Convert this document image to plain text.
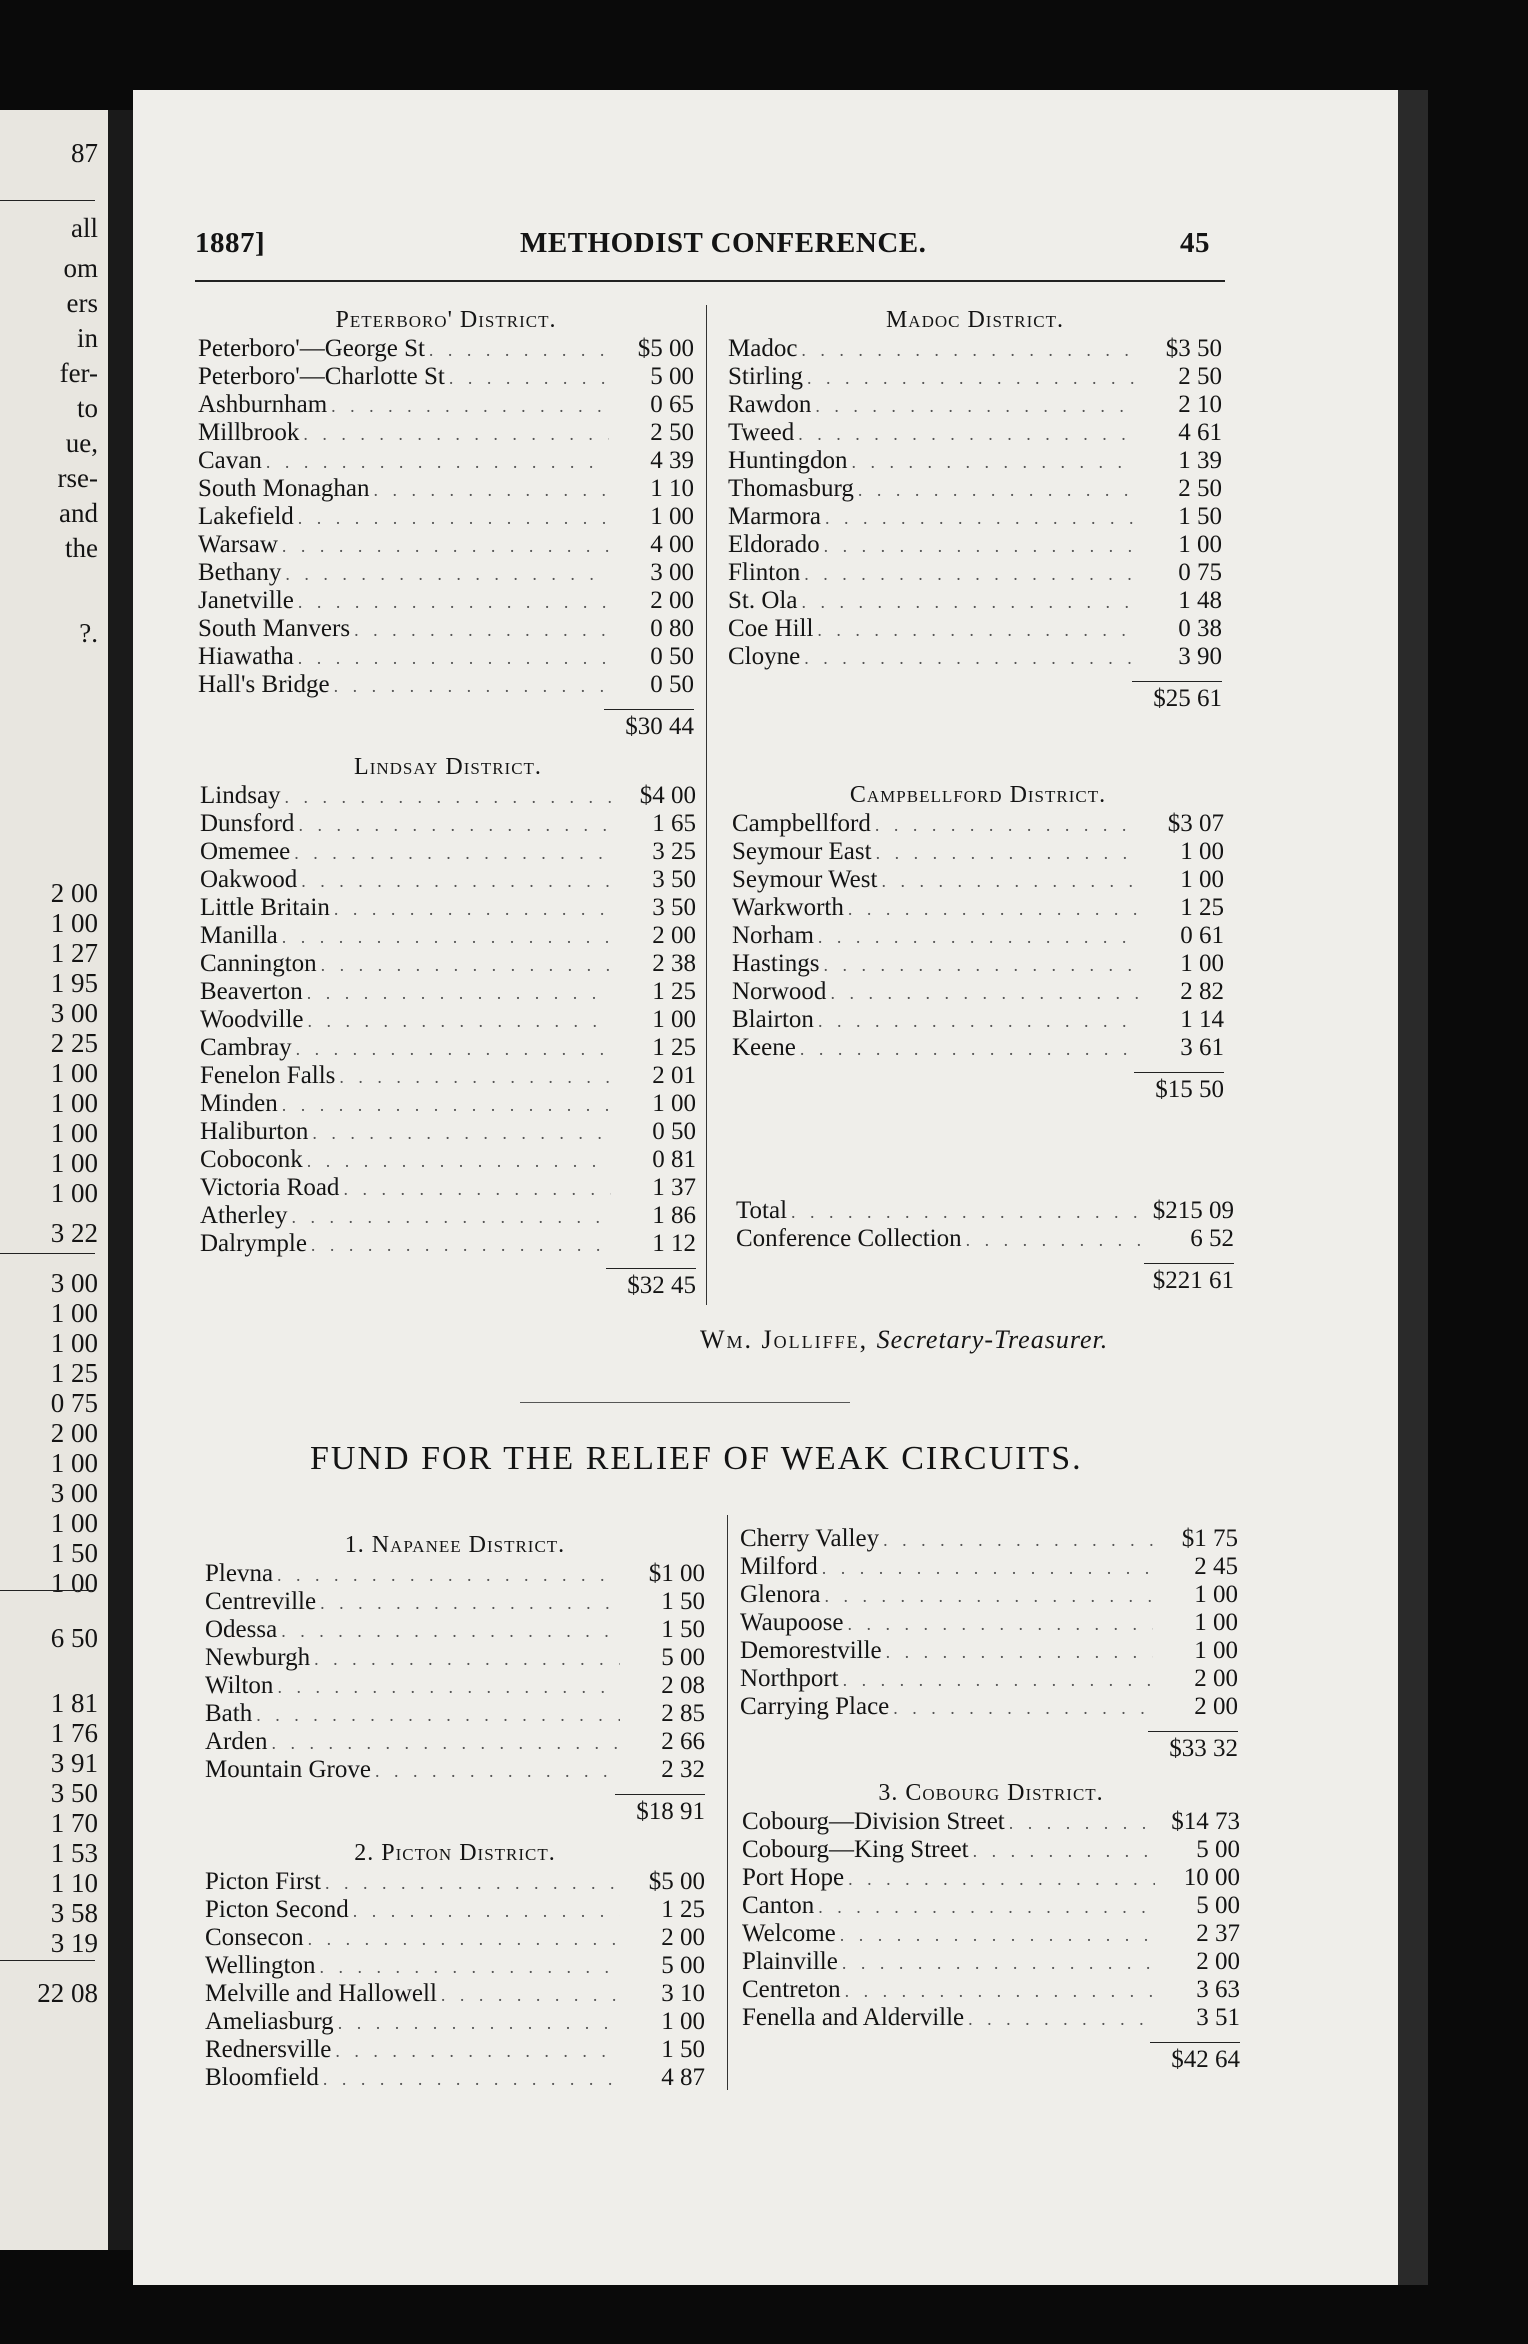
87
all
om
ers
in
fer-
to
ue,
rse-
and
the
?.
2 00
1 00
1 27
1 95
3 00
2 25
1 00
1 00
1 00
1 00
1 00
3 22
3 00
1 00
1 00
1 25
0 75
2 00
1 00
3 00
1 00
1 50
1 00
6 50
1 81
1 76
3 91
3 50
1 70
1 53
1 10
3 58
3 19
22 08
1887]	METHODIST CONFERENCE.	45
Peterboro' District.
Peterboro'—George St . . .	$5 00
Peterboro'—Charlotte St . . .	5 00
Ashburnham . . .	0 65
Millbrook . . .	2 50
Cavan . . .	4 39
South Monaghan . . .	1 10
Lakefield . . .	1 00
Warsaw . . .	4 00
Bethany . . .	3 00
Janetville . . .	2 00
South Manvers . . .	0 80
Hiawatha . . .	0 50
Hall's Bridge . . .	0 50
$30 44
Lindsay District.
Lindsay . . .	$4 00
Dunsford . . .	1 65
Omemee . . .	3 25
Oakwood . . .	3 50
Little Britain . . .	3 50
Manilla . . .	2 00
Cannington . . .	2 38
Beaverton . . .	1 25
Woodville . . .	1 00
Cambray . . .	1 25
Fenelon Falls . . .	2 01
Minden . . .	1 00
Haliburton . . .	0 50
Coboconk . . .	0 81
Victoria Road . . .	1 37
Atherley . . .	1 86
Dalrymple . . .	1 12
$32 45
Madoc District.
Madoc . . .	$3 50
Stirling . . .	2 50
Rawdon . . .	2 10
Tweed . . .	4 61
Huntingdon . . .	1 39
Thomasburg . . .	2 50
Marmora . . .	1 50
Eldorado . . .	1 00
Flinton . . .	0 75
St. Ola . . .	1 48
Coe Hill . . .	0 38
Cloyne . . .	3 90
$25 61
Campbellford District.
Campbellford . . .	$3 07
Seymour East . . .	1 00
Seymour West . . .	1 00
Warkworth . . .	1 25
Norham . . .	0 61
Hastings . . .	1 00
Norwood . . .	2 82
Blairton . . .	1 14
Keene . . .	3 61
$15 50
Total . . .	$215 09
Conference Collection . . .	6 52
$221 61
Wm. Jolliffe, Secretary-Treasurer.
FUND FOR THE RELIEF OF WEAK CIRCUITS.
1. Napanee District.
Plevna . . .	$1 00
Centreville . . .	1 50
Odessa . . .	1 50
Newburgh . . .	5 00
Wilton . . .	2 08
Bath . . .	2 85
Arden . . .	2 66
Mountain Grove . . .	2 32
$18 91
2. Picton District.
Picton First . . .	$5 00
Picton Second . . .	1 25
Consecon . . .	2 00
Wellington . . .	5 00
Melville and Hallowell . . .	3 10
Ameliasburg . . .	1 00
Rednersville . . .	1 50
Bloomfield . . .	4 87
Cherry Valley . . .	$1 75
Milford . . .	2 45
Glenora . . .	1 00
Waupoose . . .	1 00
Demorestville . . .	1 00
Northport . . .	2 00
Carrying Place . . .	2 00
$33 32
3. Cobourg District.
Cobourg—Division Street . . .	$14 73
Cobourg—King Street . . .	5 00
Port Hope . . .	10 00
Canton . . .	5 00
Welcome . . .	2 37
Plainville . . .	2 00
Centreton . . .	3 63
Fenella and Alderville . . .	3 51
$42 64
